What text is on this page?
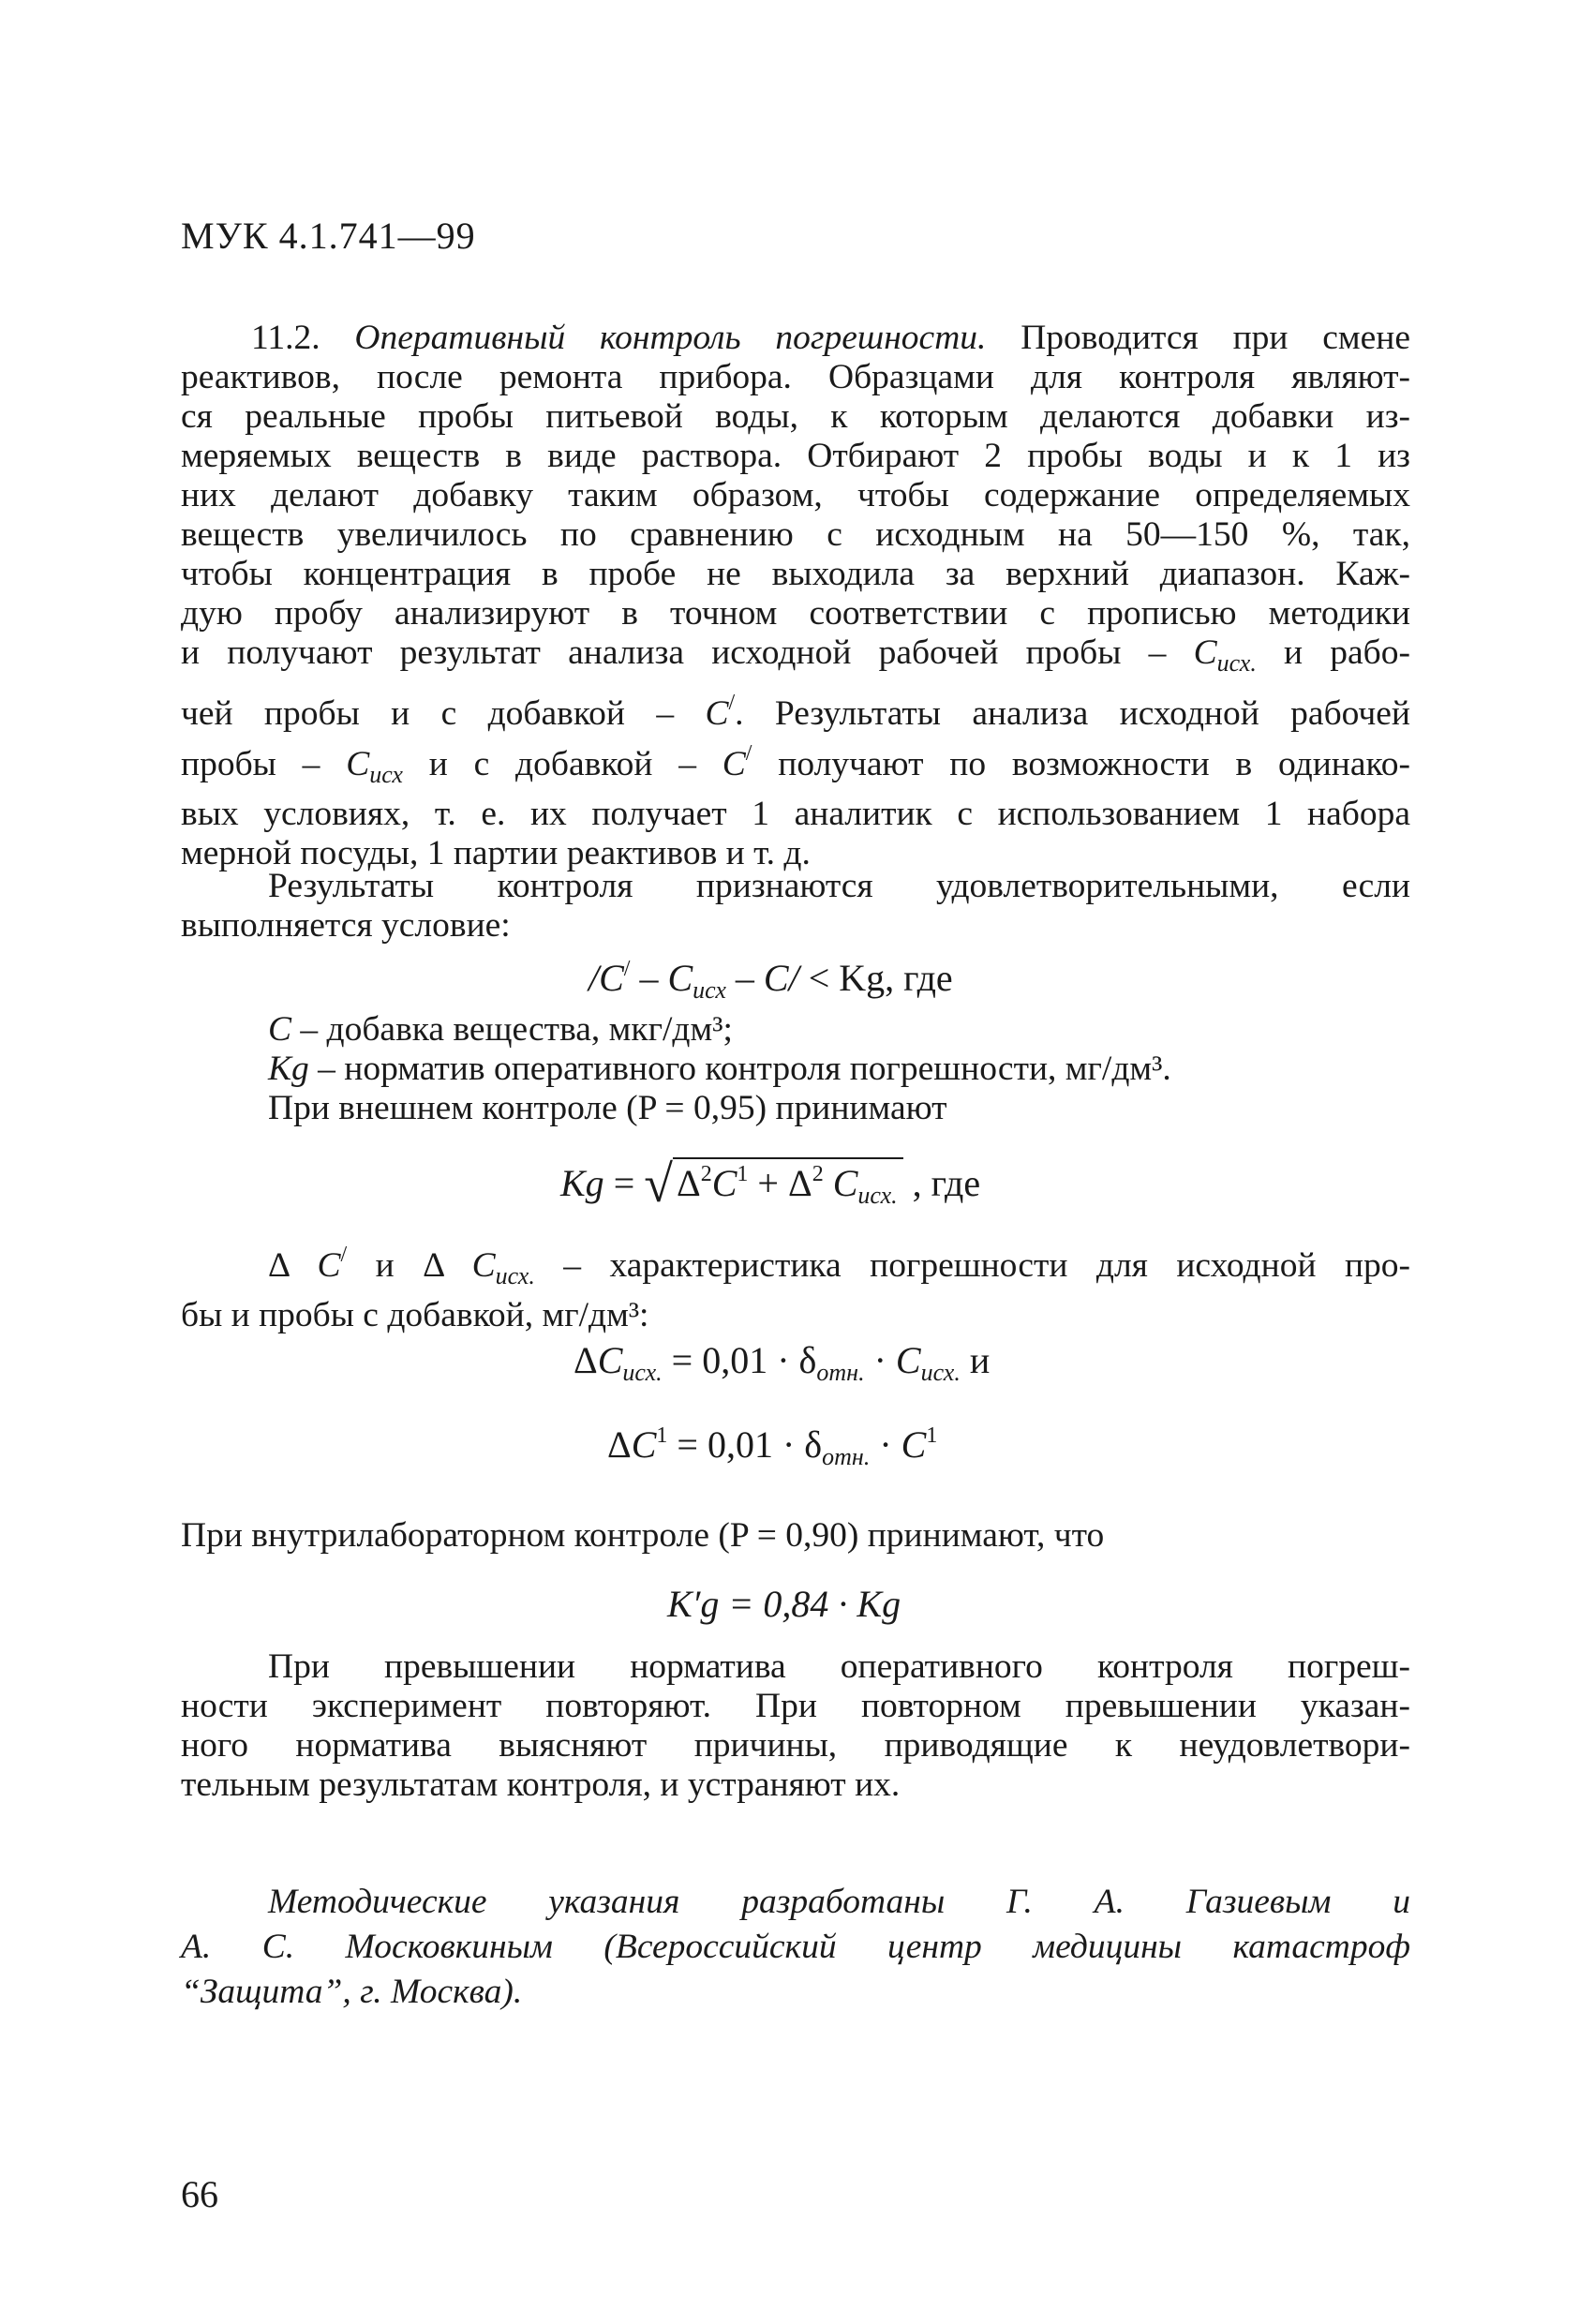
МУК 4.1.741—99
11.2. Оперативный контроль погрешности. Проводится при смене
реактивов, после ремонта прибора. Образцами для контроля являют-
ся реальные пробы питьевой воды, к которым делаются добавки из-
меряемых веществ в виде раствора. Отбирают 2 пробы воды и к 1 из
них делают добавку таким образом, чтобы содержание определяемых
веществ увеличилось по сравнению с исходным на 50—150 %, так,
чтобы концентрация в пробе не выходила за верхний диапазон. Каж-
дую пробу анализируют в точном соответствии с прописью методики
и получают результат анализа исходной рабочей пробы – $C_{исх.}$ и рабо-
чей пробы и с добавкой – C/. Результаты анализа исходной рабочей
пробы – $C_{исх}$ и с добавкой – C/ получают по возможности в одинако-
вых условиях, т. е. их получает 1 аналитик с использованием 1 набора
мерной посуды, 1 партии реактивов и т. д.
Результаты контроля признаются удовлетворительными, если
выполняется условие:
$/C^/ - C_{исх} - C/ < Kg$, где
C – добавка вещества, мкг/дм³;
Kg – норматив оперативного контроля погрешности, мг/дм³.
При внешнем контроле (P = 0,95) принимают
Kg = √ $\Delta^2C^1 + \Delta^2$ $C_{исх.}$ , где
Δ C/ и Δ $C_{исх.}$ – характеристика погрешности для исходной про-
бы и пробы с добавкой, мг/дм³:
$\Delta C_{исх.} = 0,01 \cdot \delta_{отн.} \cdot C_{исх.}$ и
$\Delta C^1 = 0,01 \cdot \delta_{отн.} \cdot C^1$
При внутрилабораторном контроле (P = 0,90) принимают, что
K′g = 0,84 · Kg
При превышении норматива оперативного контроля погреш-
ности эксперимент повторяют. При повторном превышении указан-
ного норматива выясняют причины, приводящие к неудовлетвори-
тельным результатам контроля, и устраняют их.
Методические указания разработаны Г. А. Газиевым и
А. С. Московкиным (Всероссийский центр медицины катастроф
“Защита”, г. Москва).
66
